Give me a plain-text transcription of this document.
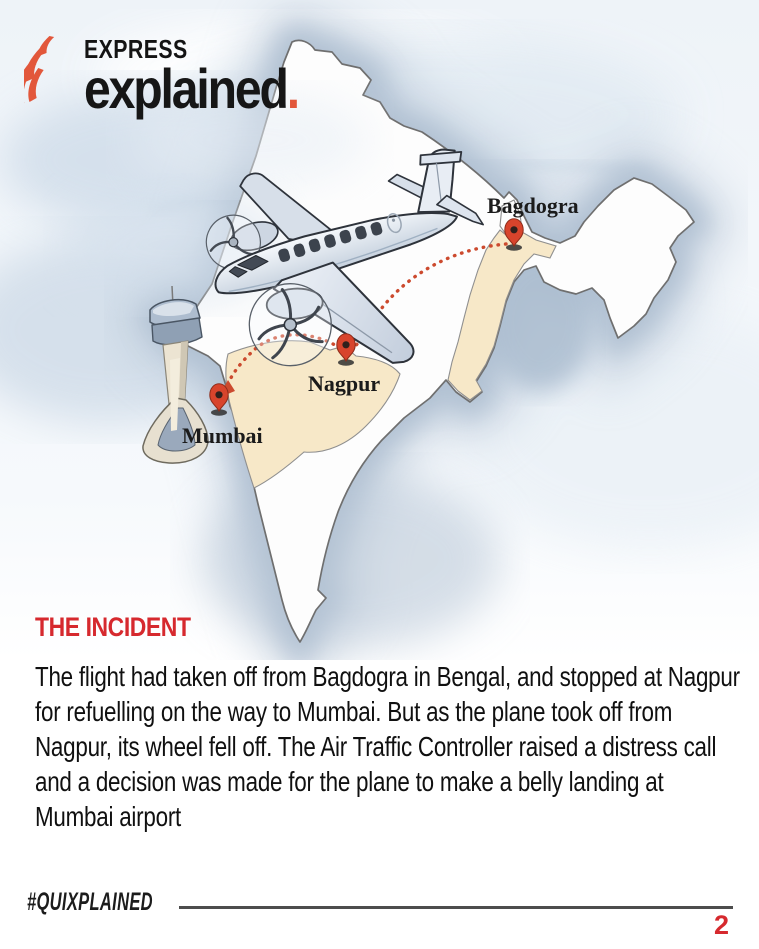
Bagdogra
Nagpur
Mumbai
EXPRESS
explained.
THE INCIDENT

The flight had taken off from Bagdogra in Bengal, and stopped at Nagpur for refuelling on the way to Mumbai. But as the plane took off from Nagpur, its wheel fell off. The Air Traffic Controller raised a distress call and a decision was made for the plane to make a belly landing at Mumbai airport

#QUIXPLAINED
2
